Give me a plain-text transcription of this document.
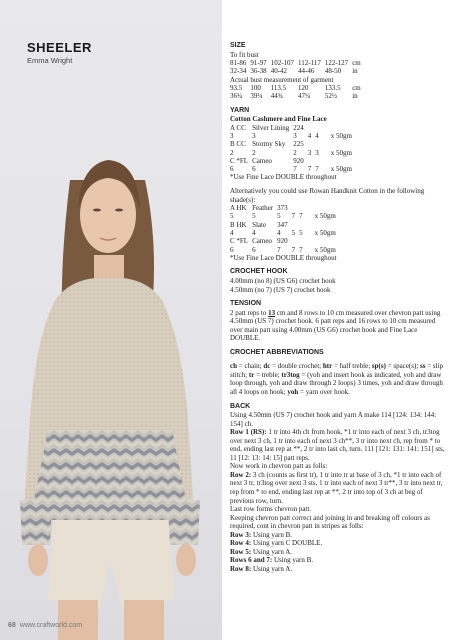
SHEELER
Emma Wright
68 www.craftworld.com
SIZE
To fit bust
81-86	91-97	102-107	112-117	122-127	cm
32-34	36-38	40-42	44-46	48-50	in
Actual bust measurement of garment					
93.5	100	113.5	120	133.5	cm
36¾	39¼	44¾	47¼	52½	in
YARN
Cotton Cashmere and Fine Lace
A CC	Silver Lining	224			
3	3	3	4	4	x 50gm
B CC	Stormy Sky	225			
2	2	2	3	3	x 50gm
C *FL	Cameo	920			
6	6	7	7	7	x 50gm
*Use Fine Lace DOUBLE throughout
Alternatively you could use Rowan Handknit Cotton in the following shade(s):
A HK	Feather	373			
5	5	5	7	7	x 50gm
B HK	Slate	347			
4	4	4	5	5	x 50gm
C *FL	Cameo	920			
6	6	7	7	7	x 50gm
*Use Fine Lace DOUBLE throughout
CROCHET HOOK
4.00mm (no 8) (US G6) crochet hook
4.50mm (no 7) (US 7) crochet hook
TENSION

2 patt reps to 13 cm and 8 rows to 10 cm measured over chevron patt using 4.50mm (US 7) crochet hook. 6 patt reps and 16 rows to 10 cm measured over main patt using 4.00mm (US G6) crochet hook and Fine Lace DOUBLE.

CROCHET ABBREVIATIONS

ch = chain; dc = double crochet; htr = half treble; sp(s) = space(s); ss = slip stitch; tr = treble; tr3tog = (yoh and insert hook as indicated, yoh and draw loop through, yoh and draw through 2 loops) 3 times, yoh and draw through all 4 loops on hook; yoh = yarn over hook.

BACK
Using 4.50mm (US 7) crochet hook and yarn A make 114 [124: 134: 144: 154] ch.
Row 1 (RS): 1 tr into 4th ch from hook, *1 tr into each of next 3 ch, tr3tog over next 3 ch, 1 tr into each of next 3 ch**, 3 tr into next ch, rep from * to end, ending last rep at **, 2 tr into last ch, turn. 111 [121: 131: 141: 151] sts, 11 [12: 13: 14: 15] patt reps.
Now work in chevron patt as folls:
Row 2: 3 ch (counts as first tr), 1 tr into tr at base of 3 ch, *1 tr into each of next 3 tr, tr3tog over next 3 sts, 1 tr into each of next 3 tr**, 3 tr into next tr, rep from * to end, ending last rep at **, 2 tr into top of 3 ch at beg of previous row, turn.
Last row forms chevron patt.
Keeping chevron patt correct and joining in and breaking off colours as required, cont in chevron patt in stripes as folls:
Row 3: Using yarn B.
Row 4: Using yarn C DOUBLE.
Row 5: Using yarn A.
Rows 6 and 7: Using yarn B.
Row 8: Using yarn A.
